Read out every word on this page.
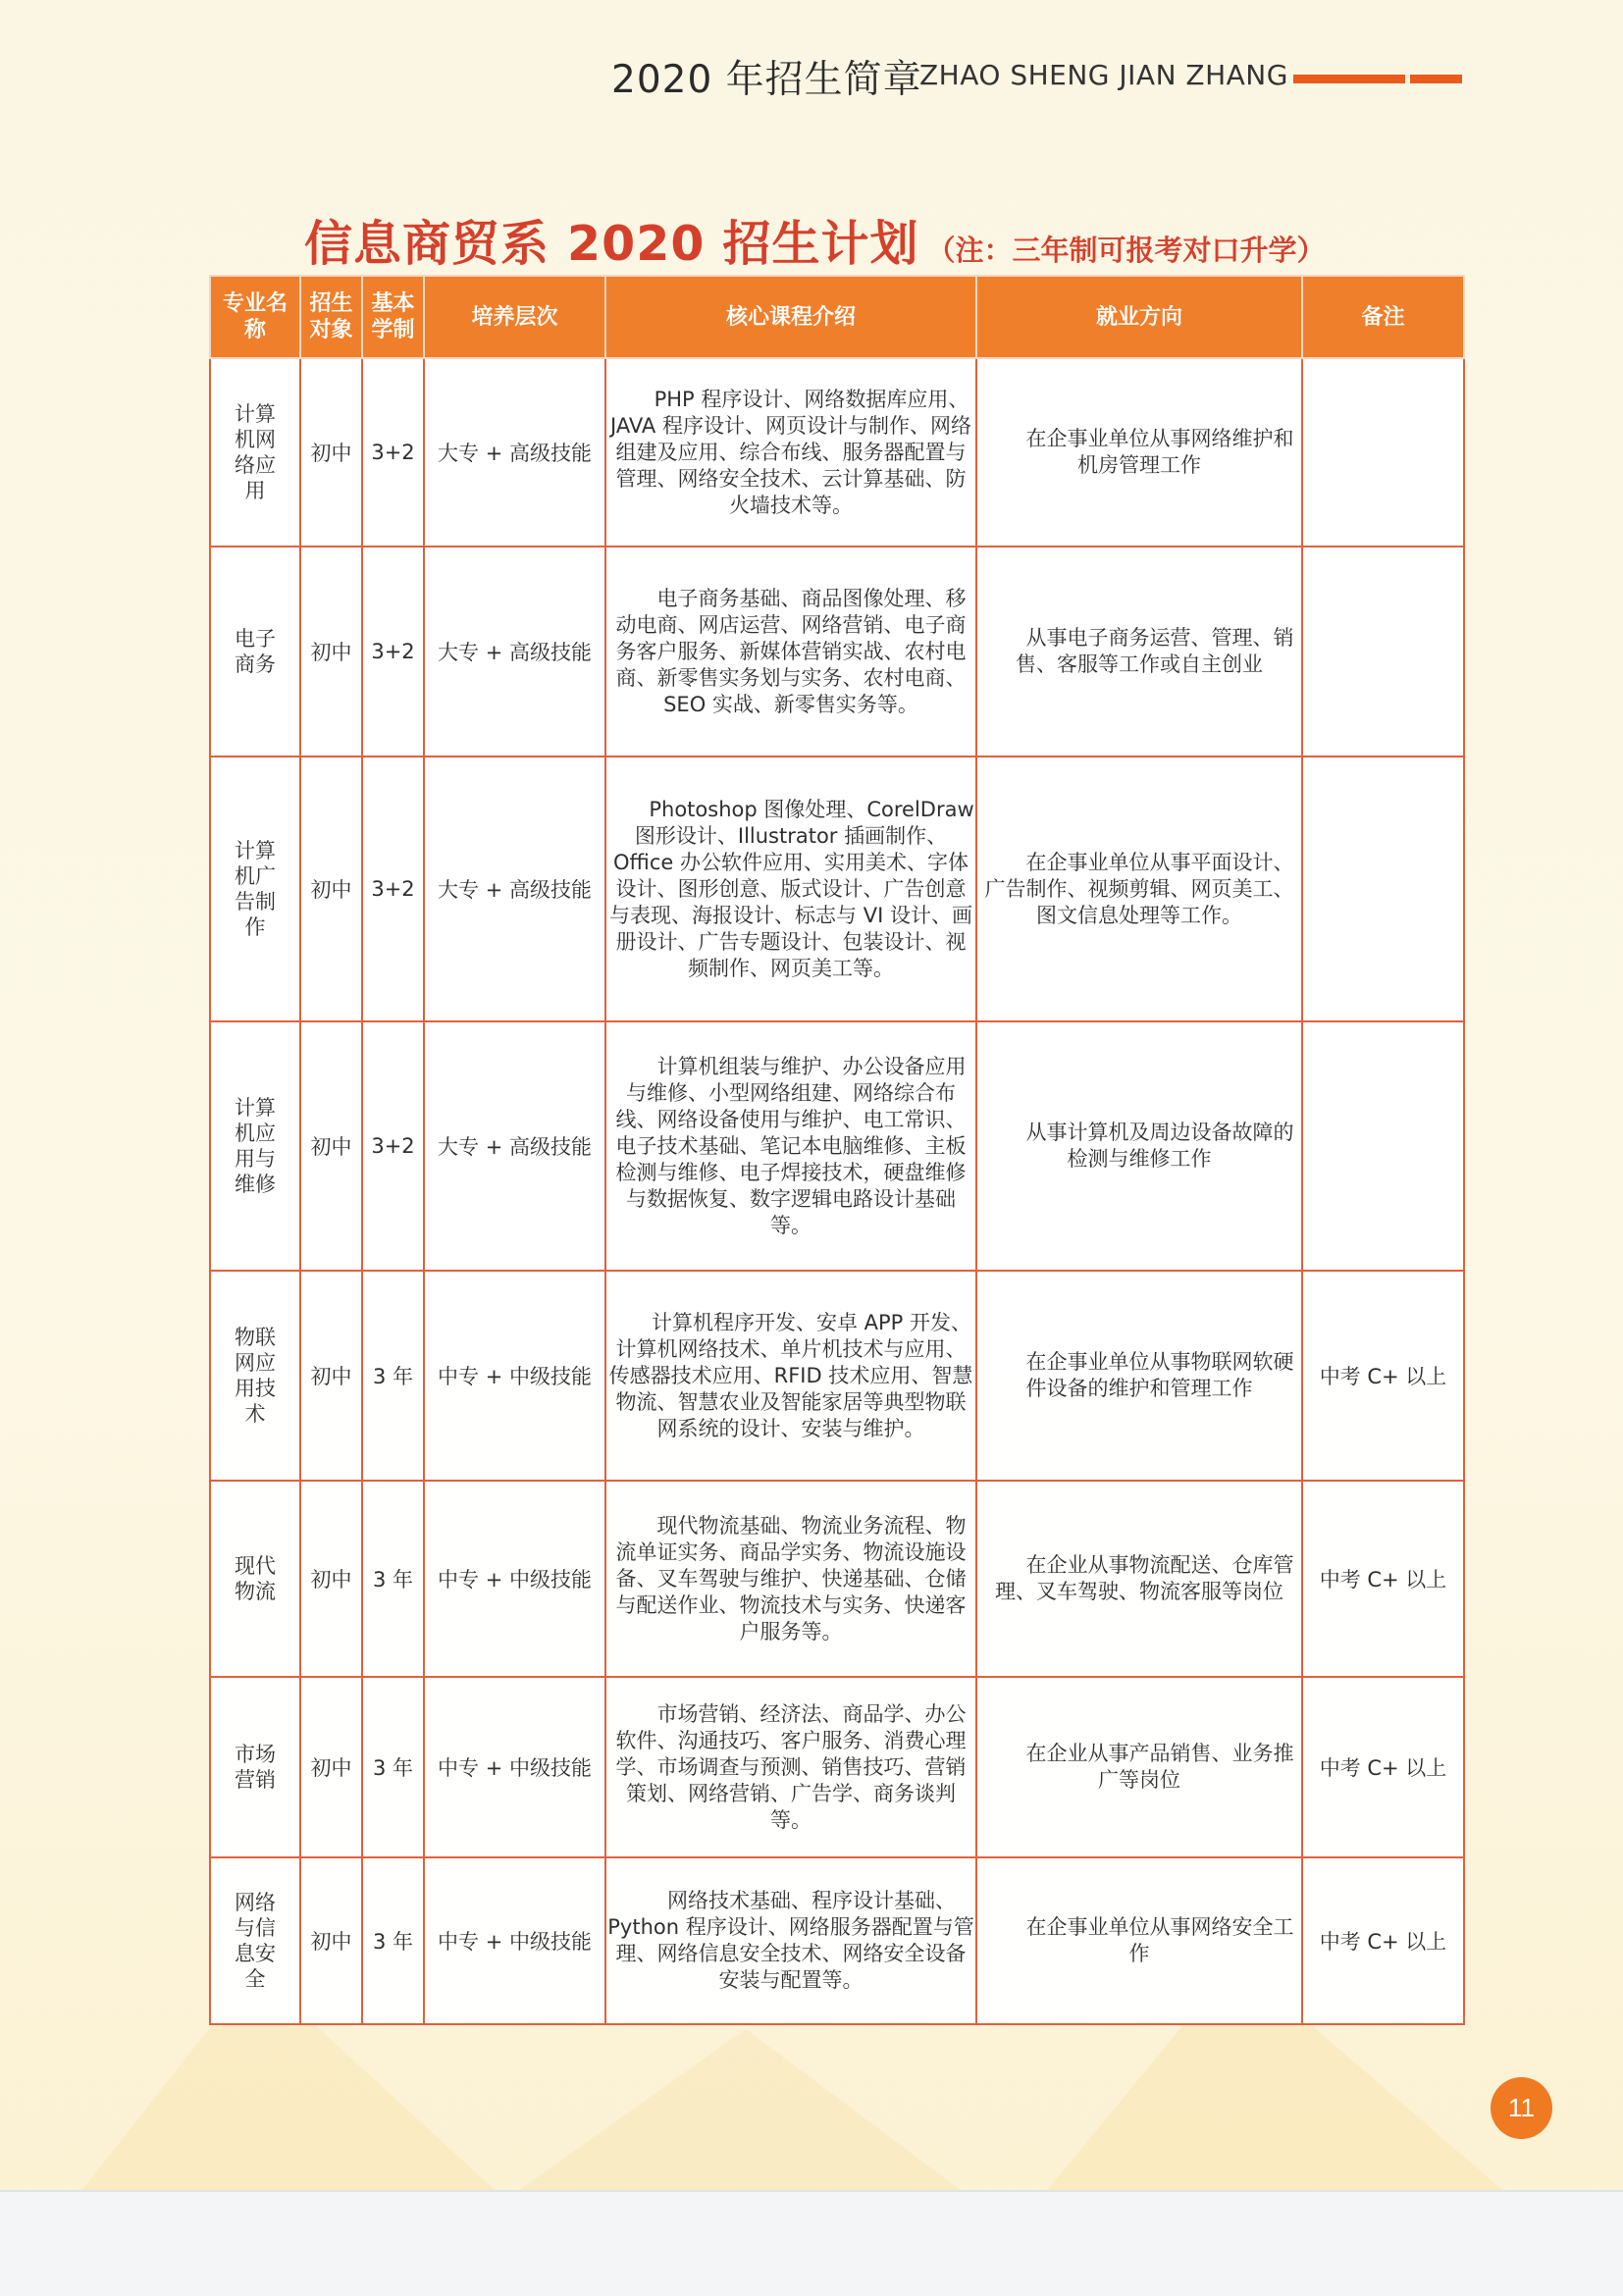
2020 年招生简章
ZHAO SHENG JIAN ZHANG
信息商贸系 2020 招生计划 （注：三年制可报考对口升学）
专业名称	招生对象	基本学制	培养层次	核心课程介绍	就业方向	备注
计算机网络应用	初中	3+2	大专 + 高级技能	PHP 程序设计、网络数据库应用、JAVA 程序设计、网页设计与制作、网络组建及应用、综合布线、服务器配置与管理、网络安全技术、云计算基础、防火墙技术等。	在企事业单位从事网络维护和机房管理工作	

电子商务	初中	3+2	大专 + 高级技能	电子商务基础、商品图像处理、移动电商、网店运营、网络营销、电子商务客户服务、新媒体营销实战、农村电商、新零售实务划与实务、农村电商、SEO 实战、新零售实务等。	从事电子商务运营、管理、销售、客服等工作或自主创业	

计算机广告制作	初中	3+2	大专 + 高级技能	Photoshop 图像处理、CorelDraw 图形设计、Illustrator 插画制作、Office 办公软件应用、实用美术、字体设计、图形创意、版式设计、广告创意与表现、海报设计、标志与 VI 设计、画册设计、广告专题设计、包装设计、视频制作、网页美工等。	在企事业单位从事平面设计、广告制作、视频剪辑、网页美工、图文信息处理等工作。	

计算机应用与维修	初中	3+2	大专 + 高级技能	计算机组装与维护、办公设备应用与维修、小型网络组建、网络综合布线、网络设备使用与维护、电工常识、电子技术基础、笔记本电脑维修、主板检测与维修、电子焊接技术，硬盘维修与数据恢复、数字逻辑电路设计基础等。	从事计算机及周边设备故障的检测与维修工作	

物联网应用技术	初中	3 年	中专 + 中级技能	计算机程序开发、安卓 APP 开发、计算机网络技术、单片机技术与应用、传感器技术应用、RFID 技术应用、智慧物流、智慧农业及智能家居等典型物联网系统的设计、安装与维护。	在企事业单位从事物联网软硬件设备的维护和管理工作	中考 C+ 以上
现代物流	初中	3 年	中专 + 中级技能	现代物流基础、物流业务流程、物流单证实务、商品学实务、物流设施设备、叉车驾驶与维护、快递基础、仓储与配送作业、物流技术与实务、快递客户服务等。	在企业从事物流配送、仓库管理、叉车驾驶、物流客服等岗位	中考 C+ 以上
市场营销	初中	3 年	中专 + 中级技能	市场营销、经济法、商品学、办公软件、沟通技巧、客户服务、消费心理学、市场调查与预测、销售技巧、营销策划、网络营销、广告学、商务谈判等。	在企业从事产品销售、业务推广等岗位	中考 C+ 以上
网络与信息安全	初中	3 年	中专 + 中级技能	网络技术基础、程序设计基础、Python 程序设计、网络服务器配置与管理、网络信息安全技术、网络安全设备安装与配置等。	在企事业单位从事网络安全工作	中考 C+ 以上
11
